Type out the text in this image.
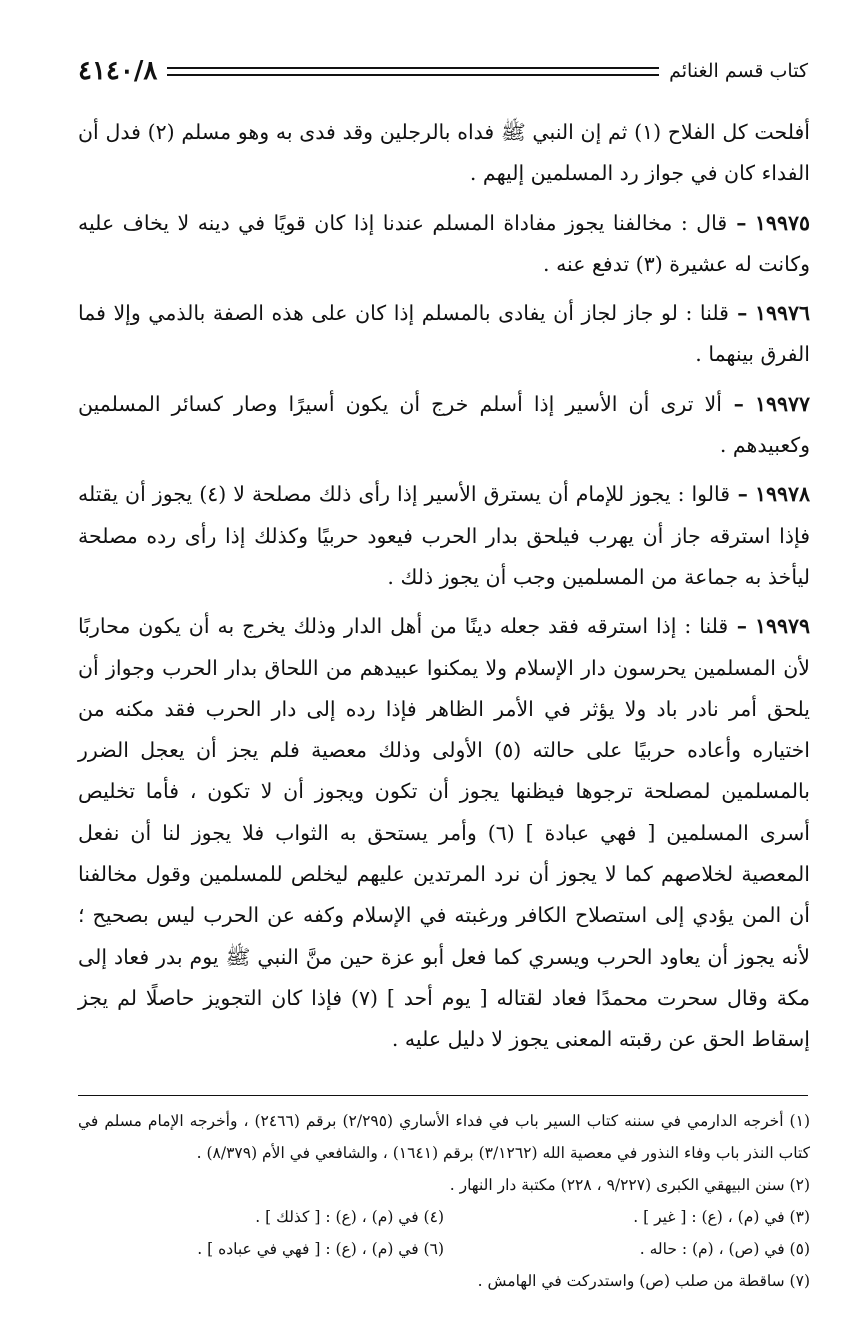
كتاب قسم الغنائم
٤١٤٠/٨

أفلحت كل الفلاح (١) ثم إن النبي ﷺ فداه بالرجلين وقد فدى به وهو مسلم (٢) فدل أن الفداء كان في جواز رد المسلمين إليهم .

١٩٩٧٥ – قال : مخالفنا يجوز مفاداة المسلم عندنا إذا كان قويًا في دينه لا يخاف عليه وكانت له عشيرة (٣) تدفع عنه .

١٩٩٧٦ – قلنا : لو جاز لجاز أن يفادى بالمسلم إذا كان على هذه الصفة بالذمي وإلا فما الفرق بينهما .

١٩٩٧٧ – ألا ترى أن الأسير إذا أسلم خرج أن يكون أسيرًا وصار كسائر المسلمين وكعبيدهم .

١٩٩٧٨ – قالوا : يجوز للإمام أن يسترق الأسير إذا رأى ذلك مصلحة لا (٤) يجوز أن يقتله فإذا استرقه جاز أن يهرب فيلحق بدار الحرب فيعود حربيًا وكذلك إذا رأى رده مصلحة ليأخذ به جماعة من المسلمين وجب أن يجوز ذلك .

١٩٩٧٩ – قلنا : إذا استرقه فقد جعله دينًا من أهل الدار وذلك يخرج به أن يكون محاربًا لأن المسلمين يحرسون دار الإسلام ولا يمكنوا عبيدهم من اللحاق بدار الحرب وجواز أن يلحق أمر نادر باد ولا يؤثر في الأمر الظاهر فإذا رده إلى دار الحرب فقد مكنه من اختياره وأعاده حربيًا على حالته (٥) الأولى وذلك معصية فلم يجز أن يعجل الضرر بالمسلمين لمصلحة ترجوها فيظنها يجوز أن تكون ويجوز أن لا تكون ، فأما تخليص أسرى المسلمين [ فهي عبادة ] (٦) وأمر يستحق به الثواب فلا يجوز لنا أن نفعل المعصية لخلاصهم كما لا يجوز أن نرد المرتدين عليهم ليخلص للمسلمين وقول مخالفنا أن المن يؤدي إلى استصلاح الكافر ورغبته في الإسلام وكفه عن الحرب ليس بصحيح ؛ لأنه يجوز أن يعاود الحرب ويسري كما فعل أبو عزة حين منَّ النبي ﷺ يوم بدر فعاد إلى مكة وقال سحرت محمدًا فعاد لقتاله [ يوم أحد ] (٧) فإذا كان التجويز حاصلًا لم يجز إسقاط الحق عن رقبته المعنى يجوز لا دليل عليه .

(١) أخرجه الدارمي في سننه كتاب السير باب في فداء الأساري (٢/٢٩٥) برقم (٢٤٦٦) ، وأخرجه الإمام مسلم في كتاب النذر باب وفاء النذور في معصية الله (٣/١٢٦٢) برقم (١٦٤١) ، والشافعي في الأم (٨/٣٧٩) .

(٢) سنن البيهقي الكبرى (٩/٢٢٧ ، ٢٢٨) مكتبة دار النهار .

(٣) في (م) ، (ع) : [ غير ] .
(٤) في (م) ، (ع) : [ كذلك ] .
(٥) في (ص) ، (م) : حاله .
(٦) في (م) ، (ع) : [ فهي في عباده ] .

(٧) ساقطة من صلب (ص) واستدركت في الهامش .
